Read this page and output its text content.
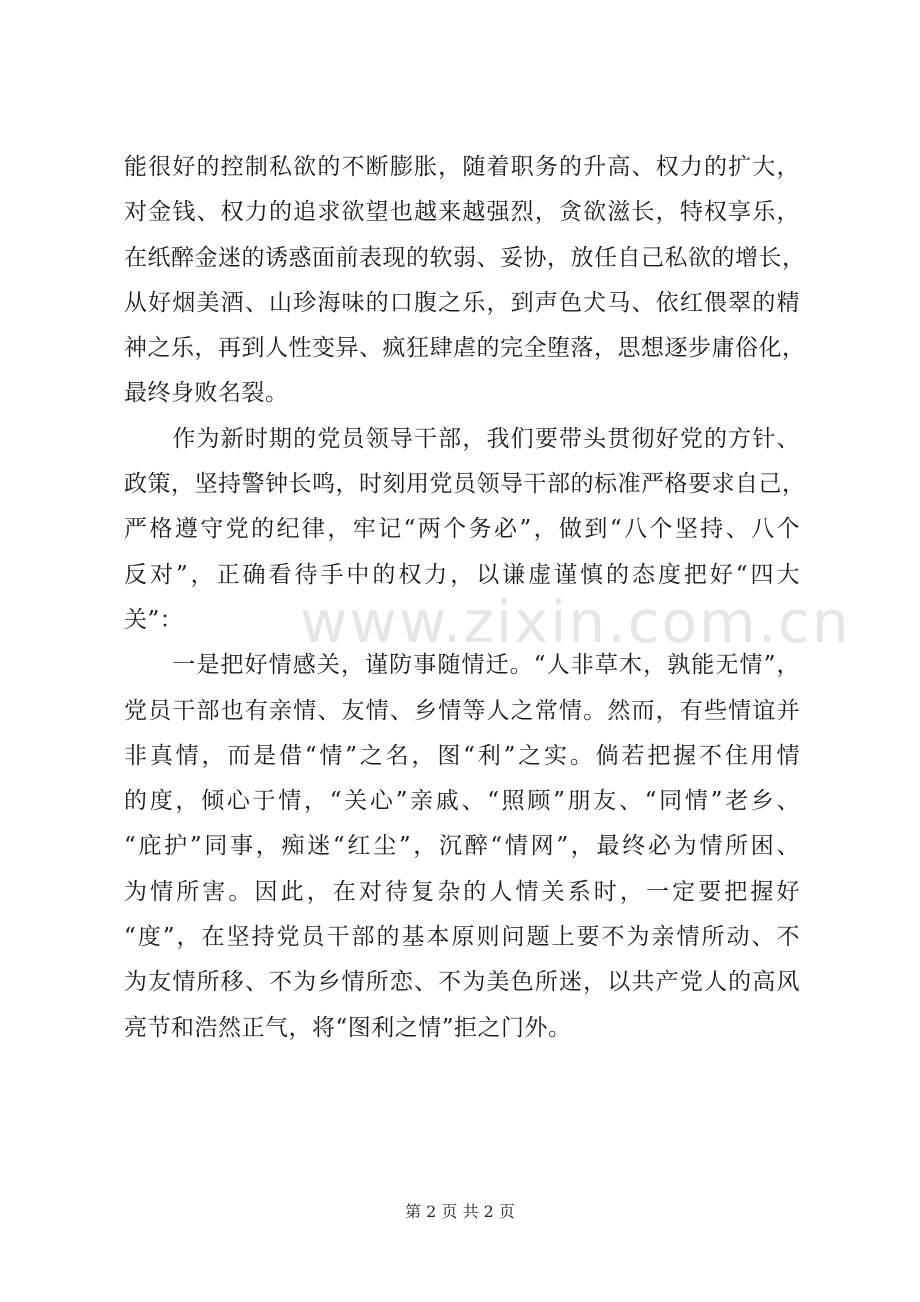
www.zixin.com.cn
能很好的控制私欲的不断膨胀，随着职务的升高、权力的扩大，
对金钱、权力的追求欲望也越来越强烈，贪欲滋长，特权享乐，
在纸醉金迷的诱惑面前表现的软弱、妥协，放任自己私欲的增长，
从好烟美酒、山珍海味的口腹之乐，到声色犬马、依红偎翠的精
神之乐，再到人性变异、疯狂肆虐的完全堕落，思想逐步庸俗化，
最终身败名裂。
　　作为新时期的党员领导干部，我们要带头贯彻好党的方针、
政策，坚持警钟长鸣，时刻用党员领导干部的标准严格要求自己，
严格遵守党的纪律，牢记“两个务必”，做到“八个坚持、八个
反对”，正确看待手中的权力，以谦虚谨慎的态度把好“四大
关”：
　　一是把好情感关，谨防事随情迁。“人非草木，孰能无情”，
党员干部也有亲情、友情、乡情等人之常情。然而，有些情谊并
非真情，而是借“情”之名，图“利”之实。倘若把握不住用情
的度，倾心于情，“关心”亲戚、“照顾”朋友、“同情”老乡、
“庇护”同事，痴迷“红尘”，沉醉“情网”，最终必为情所困、
为情所害。因此，在对待复杂的人情关系时，一定要把握好
“度”，在坚持党员干部的基本原则问题上要不为亲情所动、不
为友情所移、不为乡情所恋、不为美色所迷，以共产党人的高风
亮节和浩然正气，将“图利之情”拒之门外。
第 2 页 共 2 页
